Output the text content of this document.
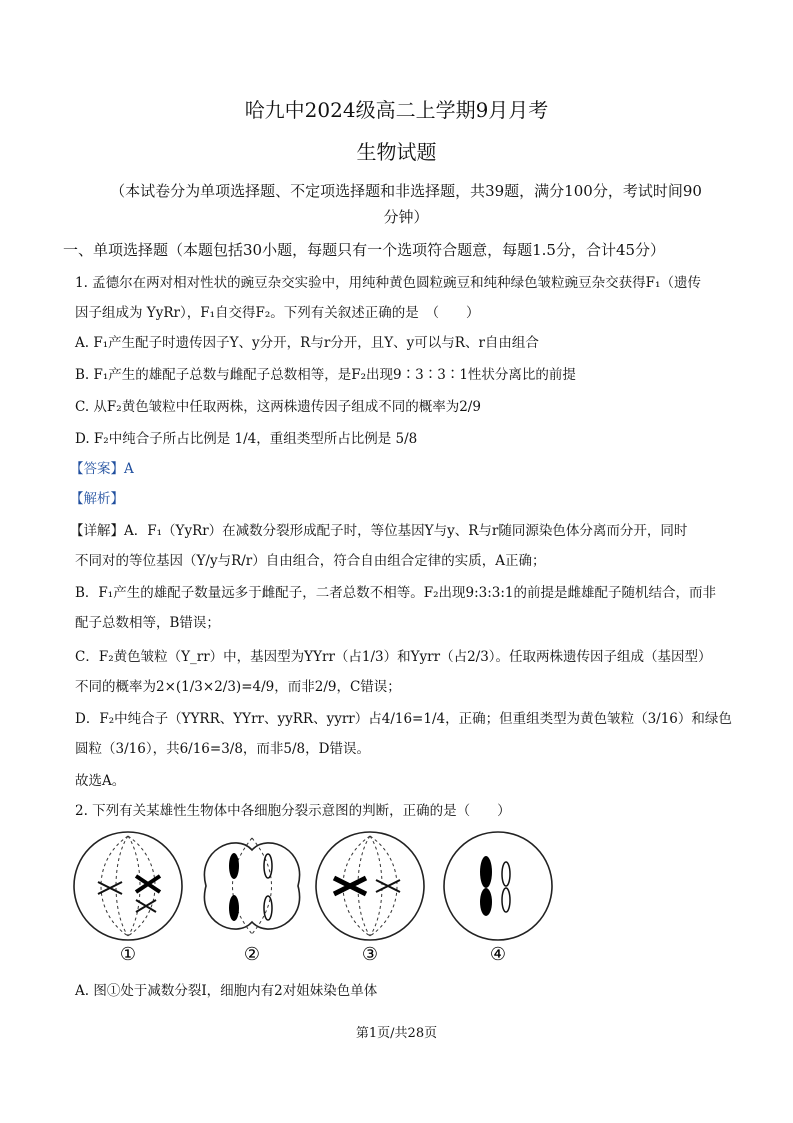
哈九中2024级高二上学期9月月考
生物试题
（本试卷分为单项选择题、不定项选择题和非选择题，共39题，满分100分，考试时间90
分钟）
一、单项选择题（本题包括30小题，每题只有一个选项符合题意，每题1.5分，合计45分）
1. 孟德尔在两对相对性状的豌豆杂交实验中，用纯种黄色圆粒豌豆和纯种绿色皱粒豌豆杂交获得F₁（遗传
因子组成为 YyRr），F₁自交得F₂。下列有关叙述正确的是　（　　）
A. F₁产生配子时遗传因子Y、y分开，R与r分开，且Y、y可以与R、r自由组合
B. F₁产生的雄配子总数与雌配子总数相等，是F₂出现9∶3∶3∶1性状分离比的前提
C. 从F₂黄色皱粒中任取两株，这两株遗传因子组成不同的概率为2/9
D. F₂中纯合子所占比例是 1/4，重组类型所占比例是 5/8
【答案】A
【解析】
【详解】A．F₁（YyRr）在减数分裂形成配子时，等位基因Y与y、R与r随同源染色体分离而分开，同时
不同对的等位基因（Y/y与R/r）自由组合，符合自由组合定律的实质，A正确；
B．F₁产生的雄配子数量远多于雌配子，二者总数不相等。F₂出现9:3:3:1的前提是雌雄配子随机结合，而非
配子总数相等，B错误；
C．F₂黄色皱粒（Y_rr）中，基因型为YYrr（占1/3）和Yyrr（占2/3）。任取两株遗传因子组成（基因型）
不同的概率为2×(1/3×2/3)=4/9，而非2/9，C错误；
D．F₂中纯合子（YYRR、YYrr、yyRR、yyrr）占4/16=1/4，正确；但重组类型为黄色皱粒（3/16）和绿色
圆粒（3/16），共6/16=3/8，而非5/8，D错误。
故选A。
2. 下列有关某雄性生物体中各细胞分裂示意图的判断，正确的是（　　）
①	②	③	④
A. 图①处于减数分裂Ⅰ，细胞内有2对姐妹染色单体
第1页/共28页
